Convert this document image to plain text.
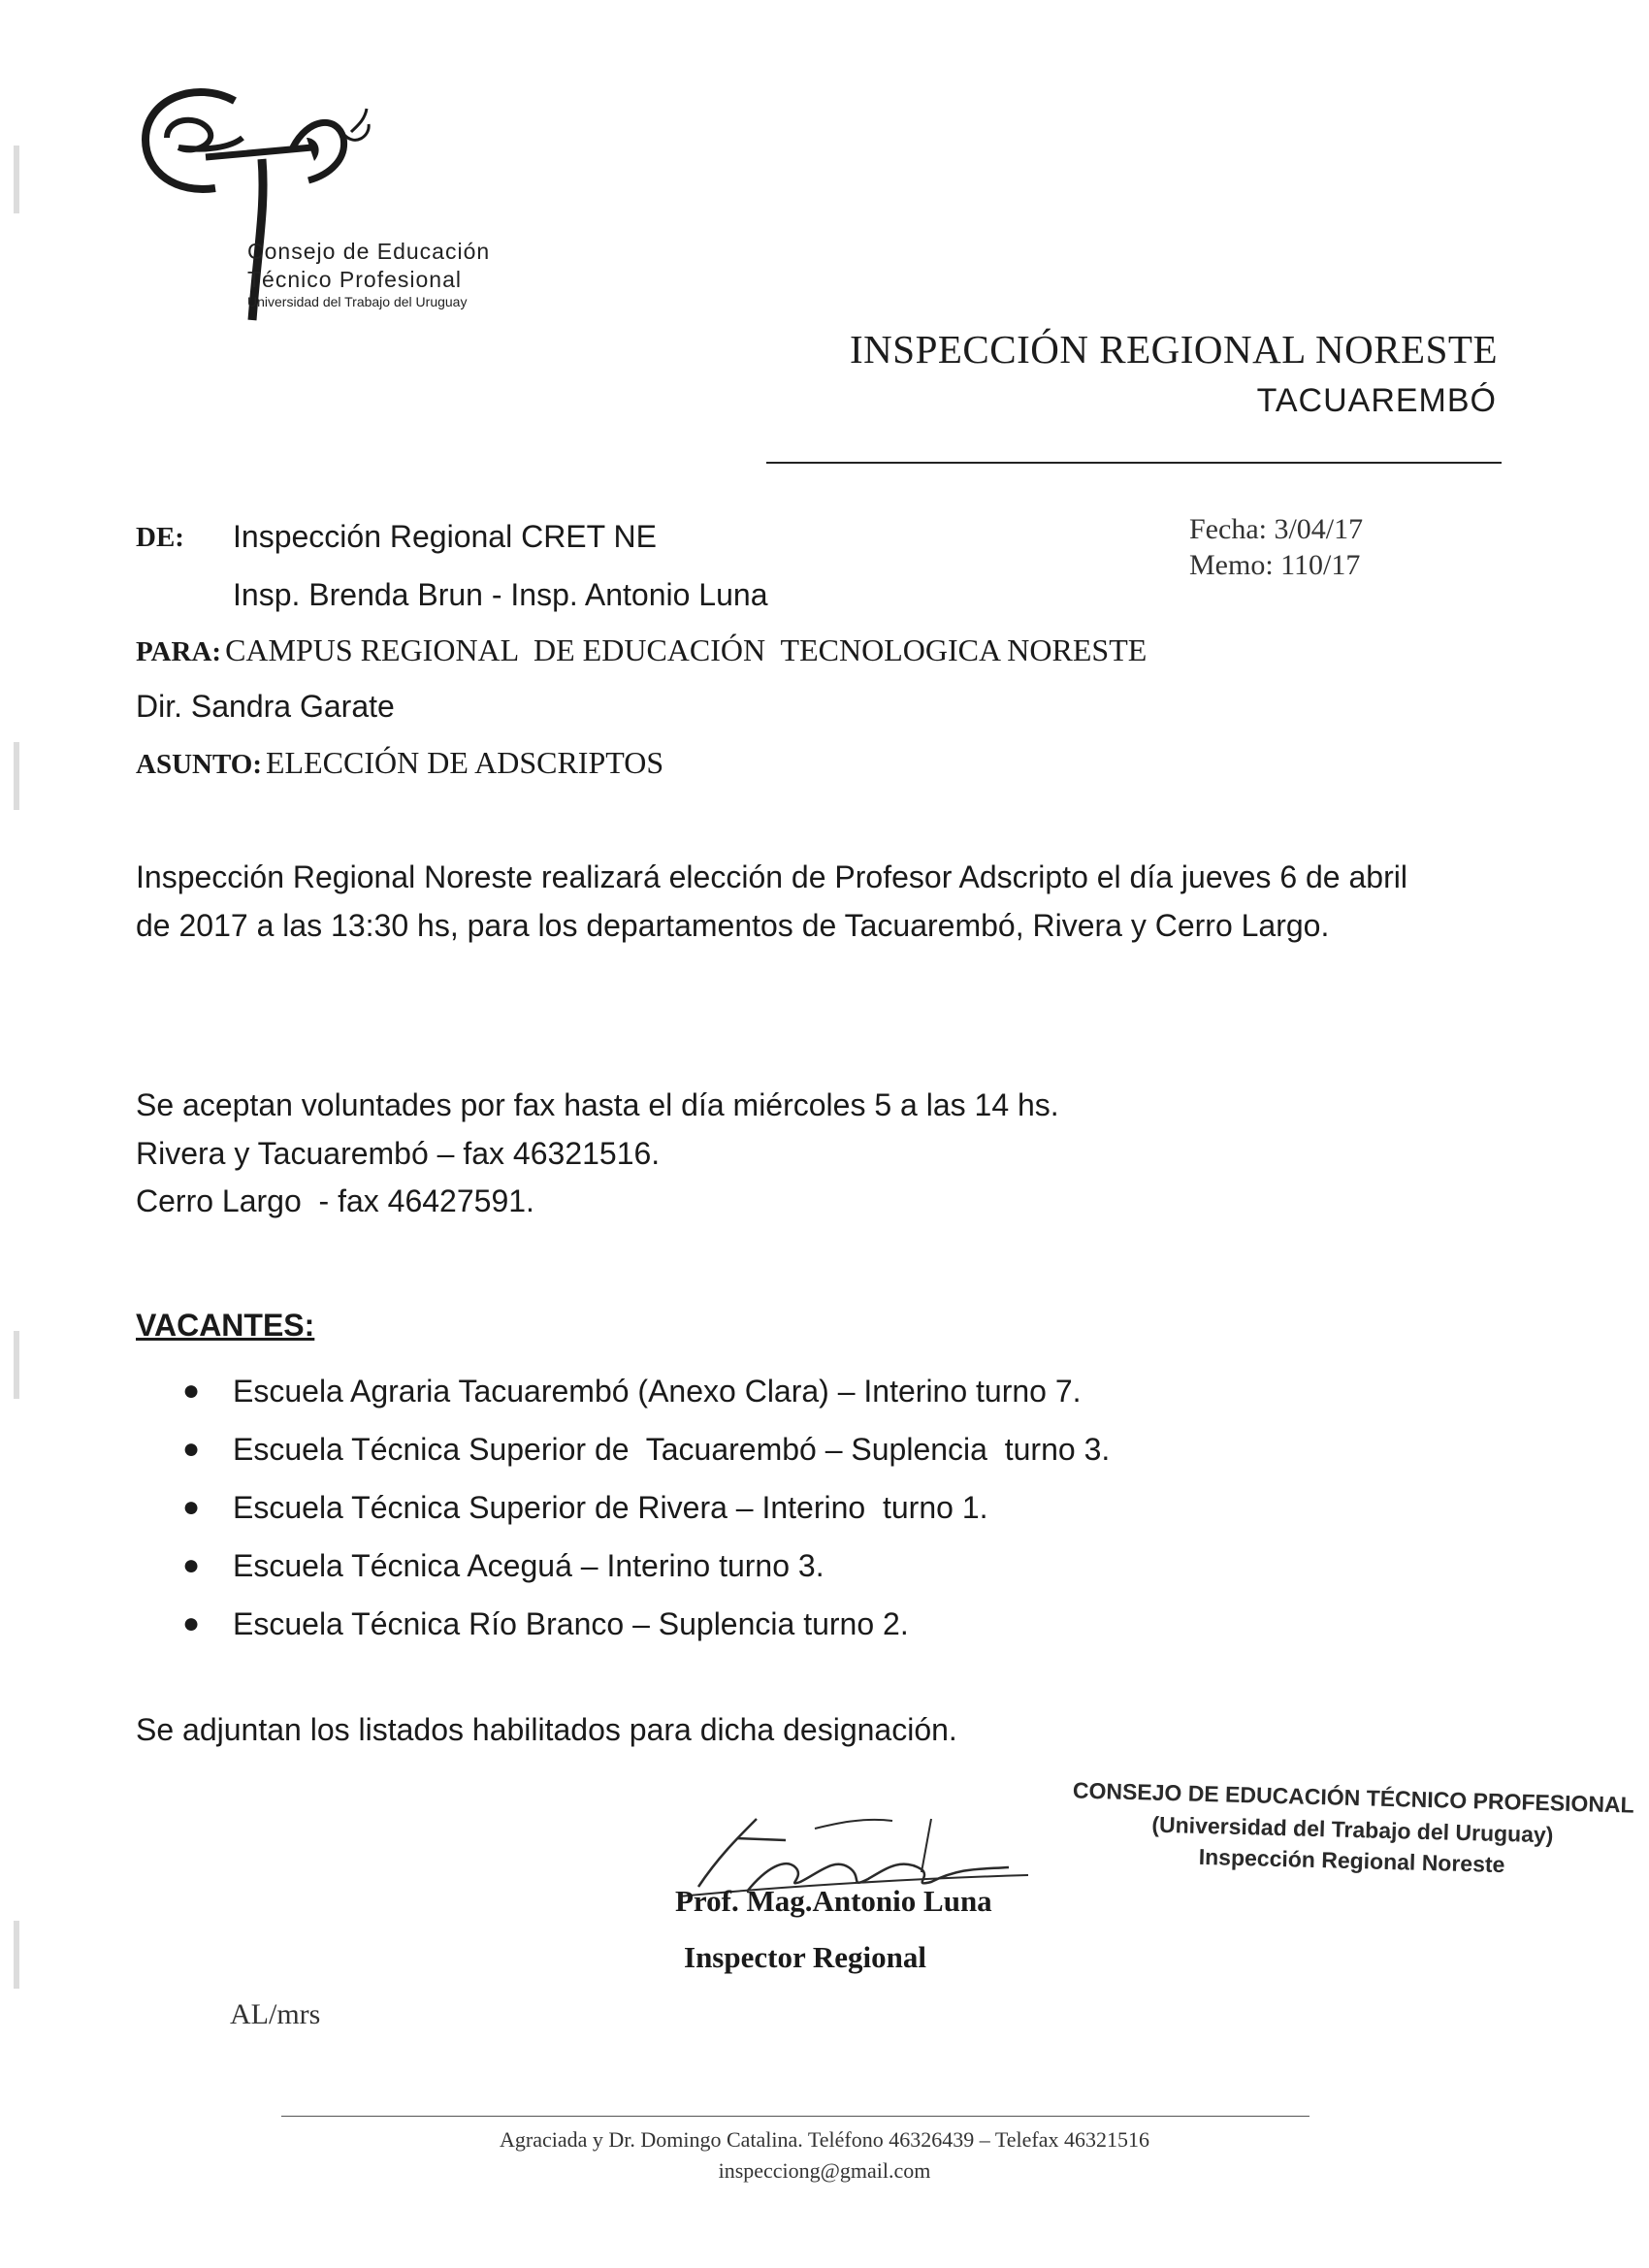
Consejo de Educación
Técnico Profesional
Universidad del Trabajo del Uruguay
INSPECCIÓN REGIONAL NORESTE
TACUAREMBÓ
DE: Inspección Regional CRET NE
Insp. Brenda Brun - Insp. Antonio Luna
Fecha: 3/04/17
Memo: 110/17
PARA: CAMPUS REGIONAL  DE EDUCACIÓN  TECNOLOGICA NORESTE
Dir. Sandra Garate
ASUNTO: ELECCIÓN DE ADSCRIPTOS
Inspección Regional Noreste realizará elección de Profesor Adscripto el día jueves 6 de abril de 2017 a las 13:30 hs, para los departamentos de Tacuarembó, Rivera y Cerro Largo.
Se aceptan voluntades por fax hasta el día miércoles 5 a las 14 hs.
Rivera y Tacuarembó – fax 46321516.
Cerro Largo  - fax 46427591.
VACANTES:
● Escuela Agraria Tacuarembó (Anexo Clara) – Interino turno 7.
● Escuela Técnica Superior de  Tacuarembó – Suplencia  turno 3.
● Escuela Técnica Superior de Rivera – Interino  turno 1.
● Escuela Técnica Aceguá – Interino turno 3.
● Escuela Técnica Río Branco – Suplencia turno 2.
Se adjuntan los listados habilitados para dicha designación.
CONSEJO DE EDUCACIÓN TÉCNICO PROFESIONAL
(Universidad del Trabajo del Uruguay)
Inspección Regional Noreste
Prof. Mag.Antonio Luna
Inspector Regional
AL/mrs
Agraciada y Dr. Domingo Catalina. Teléfono 46326439 – Telefax 46321516
inspecciong@gmail.com
